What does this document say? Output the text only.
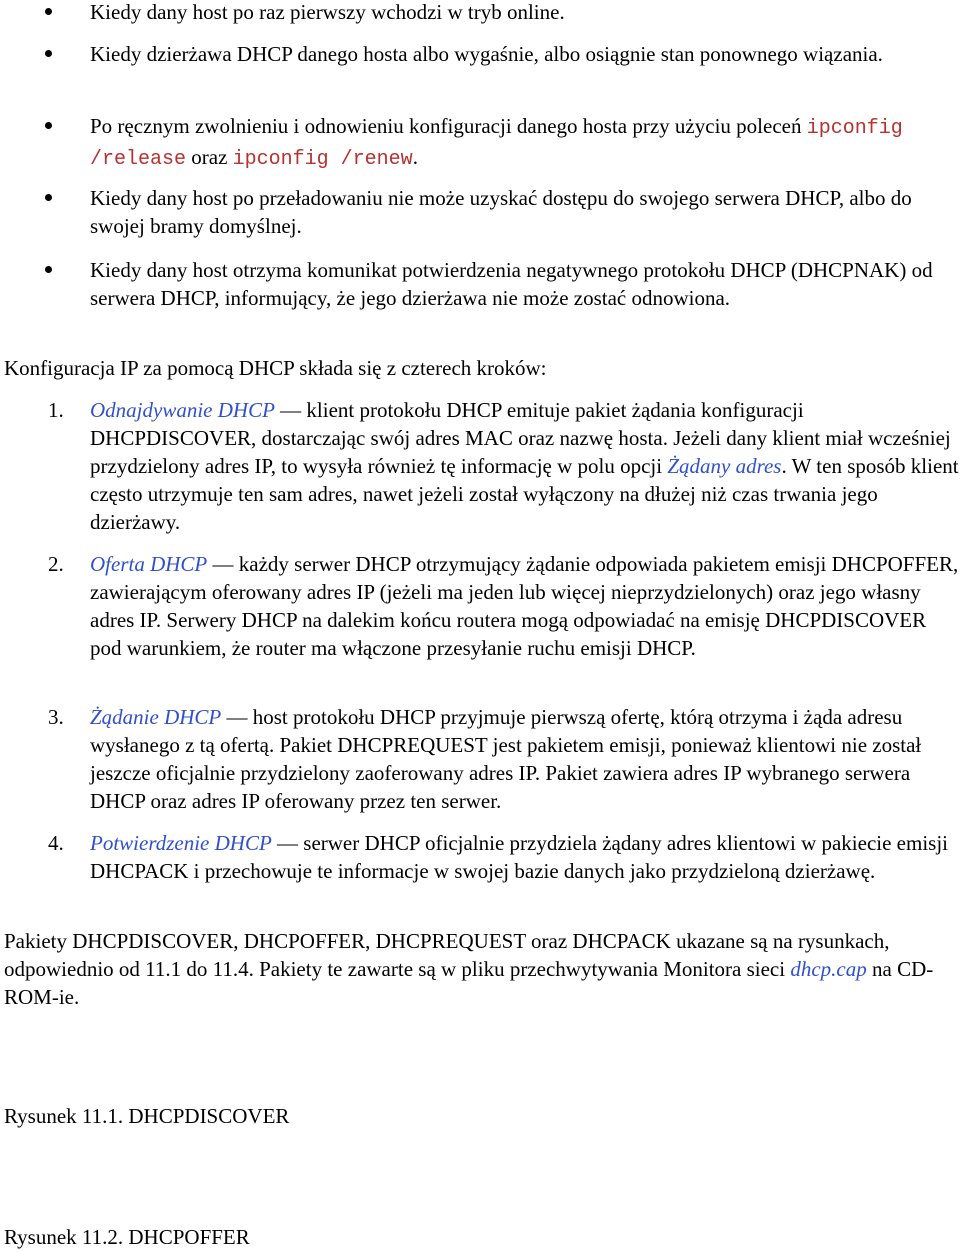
Kiedy dany host po raz pierwszy wchodzi w tryb online.
Kiedy dzierżawa DHCP danego hosta albo wygaśnie, albo osiągnie stan ponownego wiązania.
Po ręcznym zwolnieniu i odnowieniu konfiguracji danego hosta przy użyciu poleceń ipconfig /release oraz ipconfig /renew.
Kiedy dany host po przeładowaniu nie może uzyskać dostępu do swojego serwera DHCP, albo do swojej bramy domyślnej.
Kiedy dany host otrzyma komunikat potwierdzenia negatywnego protokołu DHCP (DHCPNAK) od serwera DHCP, informujący, że jego dzierżawa nie może zostać odnowiona.
Konfiguracja IP za pomocą DHCP składa się z czterech kroków:
1. Odnajdywanie DHCP — klient protokołu DHCP emituje pakiet żądania konfiguracji DHCPDISCOVER, dostarczając swój adres MAC oraz nazwę hosta. Jeżeli dany klient miał wcześniej przydzielony adres IP, to wysyła również tę informację w polu opcji Żądany adres. W ten sposób klient często utrzymuje ten sam adres, nawet jeżeli został wyłączony na dłużej niż czas trwania jego dzierżawy.
2. Oferta DHCP — każdy serwer DHCP otrzymujący żądanie odpowiada pakietem emisji DHCPOFFER, zawierającym oferowany adres IP (jeżeli ma jeden lub więcej nieprzydzielonych) oraz jego własny adres IP. Serwery DHCP na dalekim końcu routera mogą odpowiadać na emisję DHCPDISCOVER pod warunkiem, że router ma włączone przesyłanie ruchu emisji DHCP.
3. Żądanie DHCP — host protokołu DHCP przyjmuje pierwszą ofertę, którą otrzyma i żąda adresu wysłanego z tą ofertą. Pakiet DHCPREQUEST jest pakietem emisji, ponieważ klientowi nie został jeszcze oficjalnie przydzielony zaoferowany adres IP. Pakiet zawiera adres IP wybranego serwera DHCP oraz adres IP oferowany przez ten serwer.
4. Potwierdzenie DHCP — serwer DHCP oficjalnie przydziela żądany adres klientowi w pakiecie emisji DHCPACK i przechowuje te informacje w swojej bazie danych jako przydzieloną dzierżawę.
Pakiety DHCPDISCOVER, DHCPOFFER, DHCPREQUEST oraz DHCPACK ukazane są na rysunkach, odpowiednio od 11.1 do 11.4. Pakiety te zawarte są w pliku przechwytywania Monitora sieci dhcp.cap na CD-ROM-ie.
Rysunek 11.1. DHCPDISCOVER
Rysunek 11.2. DHCPOFFER
